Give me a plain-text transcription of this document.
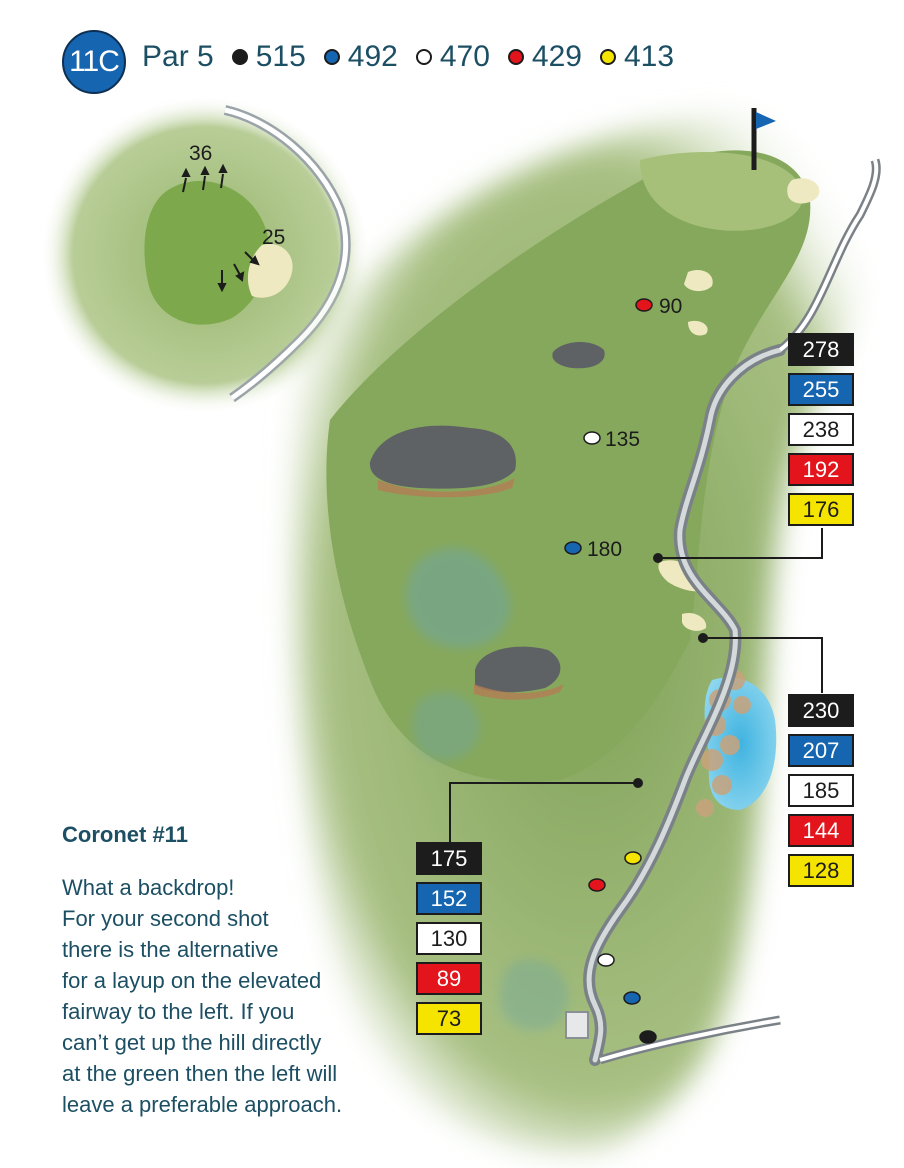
11C Par 5 515 492 470 429 413
36
25
90
135
180
278
255
238
192
176
230
207
185
144
128
175
152
130
89
73
Coronet #11
What a backdrop!
For your second shot
there is the alternative
for a layup on the elevated
fairway to the left. If you
can’t get up the hill directly
at the green then the left will
leave a preferable approach.
